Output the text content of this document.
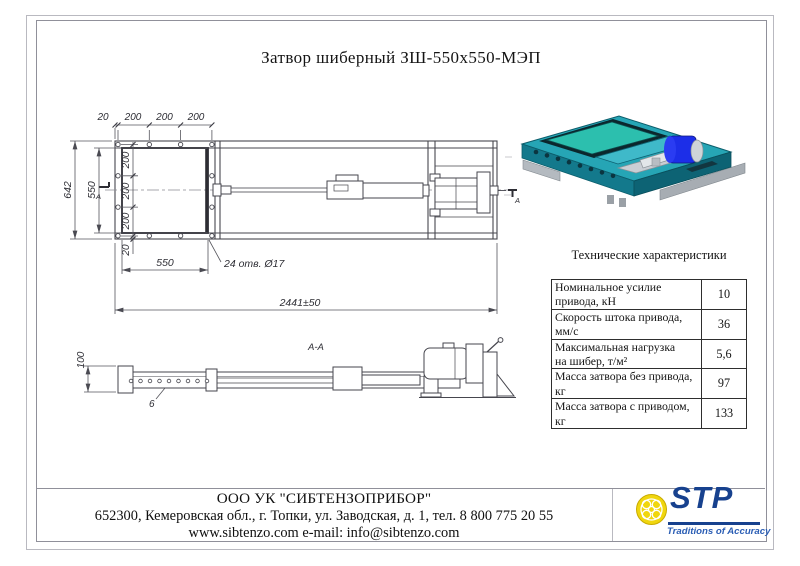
Затвор шиберный ЗШ-550х550-МЭП
А	А
20 200 200 200
642 550
200
200
200
20
550	24 отв. Ø17
2441±50
А-А
100
6
Технические характеристики
Номинальное усилие привода, кН	10
Скорость штока привода, мм/с	36
Максимальная нагрузка
на шибер, т/м²	5,6
Масса затвора без привода, кг	97
Масса затвора с приводом, кг	133
ООО УК "СИБТЕНЗОПРИБОР"
652300, Кемеровская обл., г. Топки, ул. Заводская, д. 1, тел. 8 800 775 20 55
www.sibtenzo.com e-mail: info@sibtenzo.com
STP
Traditions of Accuracy
